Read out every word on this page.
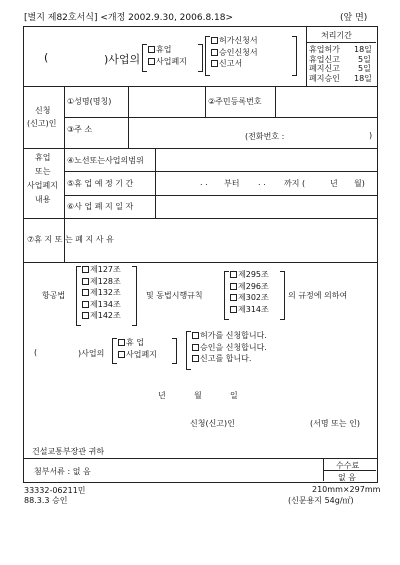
[별지 제82호서식] <개정 2002.9.30, 2006.8.18>	(앞 면)
(	)사업의
휴업
사업폐지
허가신청서
승인신청서
신고서
처리기간
휴업허가 18일
휴업신고 5일
폐지신고 5일
폐지승인 18일
신청
(신고)인
①성명(명칭)	②주민등록번호
③주 소
(전화번호 :	)
휴업
또는
사업폐지
내용
④노선또는사업의범위
⑤휴 업 예 정 기 간	. . 부터 . . 까지 (	년 월)
⑥사 업 폐 지 일 자
⑦휴 지 또 는 폐 지 사 유
항공법
제127조
제128조
제132조
제134조
제142조
및 동법시행규칙
제295조
제296조
제302조
제314조
의 규정에 의하여
(	)사업의
휴 업
사업폐지
허가를 신청합니다.
승인을 신청합니다.
신고를 합니다.
년	월	일
신청(신고)인	(서명 또는 인)
건설교통부장관 귀하
첨부서류 : 없 음
수수료
없 음
33332-06211민
88.3.3 승인
210mm×297mm
(신문용지 54g/㎡)
